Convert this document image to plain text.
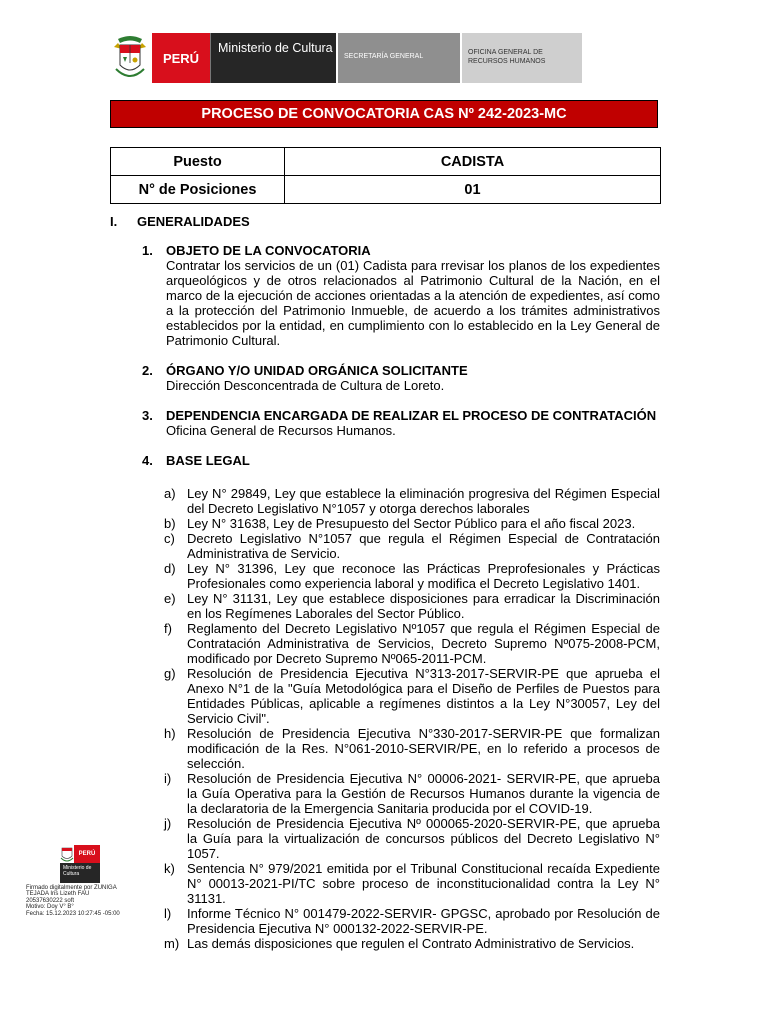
PERÚ
Ministerio de Cultura
SECRETARÍA GENERAL
OFICINA GENERAL DE RECURSOS HUMANOS
PROCESO DE CONVOCATORIA CAS Nº 242-2023-MC
Puesto	CADISTA
N° de Posiciones	01
I.	GENERALIDADES
1.	OBJETO DE LA CONVOCATORIA
Contratar los servicios de un (01) Cadista para rrevisar los planos de los expedientes arqueológicos y de otros relacionados al Patrimonio Cultural de la Nación, en el marco de la ejecución de acciones orientadas a la atención de expedientes, así como a la protección del Patrimonio Inmueble, de acuerdo a los trámites administrativos establecidos por la entidad, en cumplimiento con lo establecido en la Ley General de Patrimonio Cultural.
2.	ÓRGANO Y/O UNIDAD ORGÁNICA SOLICITANTE
Dirección Desconcentrada de Cultura de Loreto.
3.	DEPENDENCIA ENCARGADA DE REALIZAR EL PROCESO DE CONTRATACIÓN
Oficina General de Recursos Humanos.
4.	BASE LEGAL
a) Ley N° 29849, Ley que establece la eliminación progresiva del Régimen Especial del Decreto Legislativo N°1057 y otorga derechos laborales
b) Ley N° 31638, Ley de Presupuesto del Sector Público para el año fiscal 2023.
c) Decreto Legislativo N°1057 que regula el Régimen Especial de Contratación Administrativa de Servicio.
d) Ley N° 31396, Ley que reconoce las Prácticas Preprofesionales y Prácticas Profesionales como experiencia laboral y modifica el Decreto Legislativo 1401.
e) Ley N° 31131, Ley que establece disposiciones para erradicar la Discriminación en los Regímenes Laborales del Sector Público.
f)	Reglamento del Decreto Legislativo Nº1057 que regula el Régimen Especial de Contratación Administrativa de Servicios, Decreto Supremo Nº075-2008-PCM, modificado por Decreto Supremo Nº065-2011-PCM.
g) Resolución de Presidencia Ejecutiva N°313-2017-SERVIR-PE que aprueba el Anexo N°1 de la "Guía Metodológica para el Diseño de Perfiles de Puestos para Entidades Públicas, aplicable a regímenes distintos a la Ley N°30057, Ley del Servicio Civil".
h) Resolución de Presidencia Ejecutiva N°330-2017-SERVIR-PE que formalizan modificación de la Res. N°061-2010-SERVIR/PE, en lo referido a procesos de selección.
i)	Resolución de Presidencia Ejecutiva N° 00006-2021- SERVIR-PE, que aprueba la Guía Operativa para la Gestión de Recursos Humanos durante la vigencia de la declaratoria de la Emergencia Sanitaria producida por el COVID-19.
j)	Resolución de Presidencia Ejecutiva Nº 000065-2020-SERVIR-PE, que aprueba la Guía para la virtualización de concursos públicos del Decreto Legislativo N° 1057.
k) Sentencia N° 979/2021 emitida por el Tribunal Constitucional recaída Expediente N° 00013-2021-PI/TC sobre proceso de inconstitucionalidad contra la Ley N° 31131.
l)	Informe Técnico N° 001479-2022-SERVIR- GPGSC, aprobado por Resolución de Presidencia Ejecutiva N° 000132-2022-SERVIR-PE.
m) Las demás disposiciones que regulen el Contrato Administrativo de Servicios.
PERÚ
Ministerio de Cultura
Firmado digitalmente por ZUNIGA
TEJADA Iris Lizeth FAU
20537630222 soft
Motivo: Doy V° B°
Fecha: 15.12.2023 10:27:45 -05:00
